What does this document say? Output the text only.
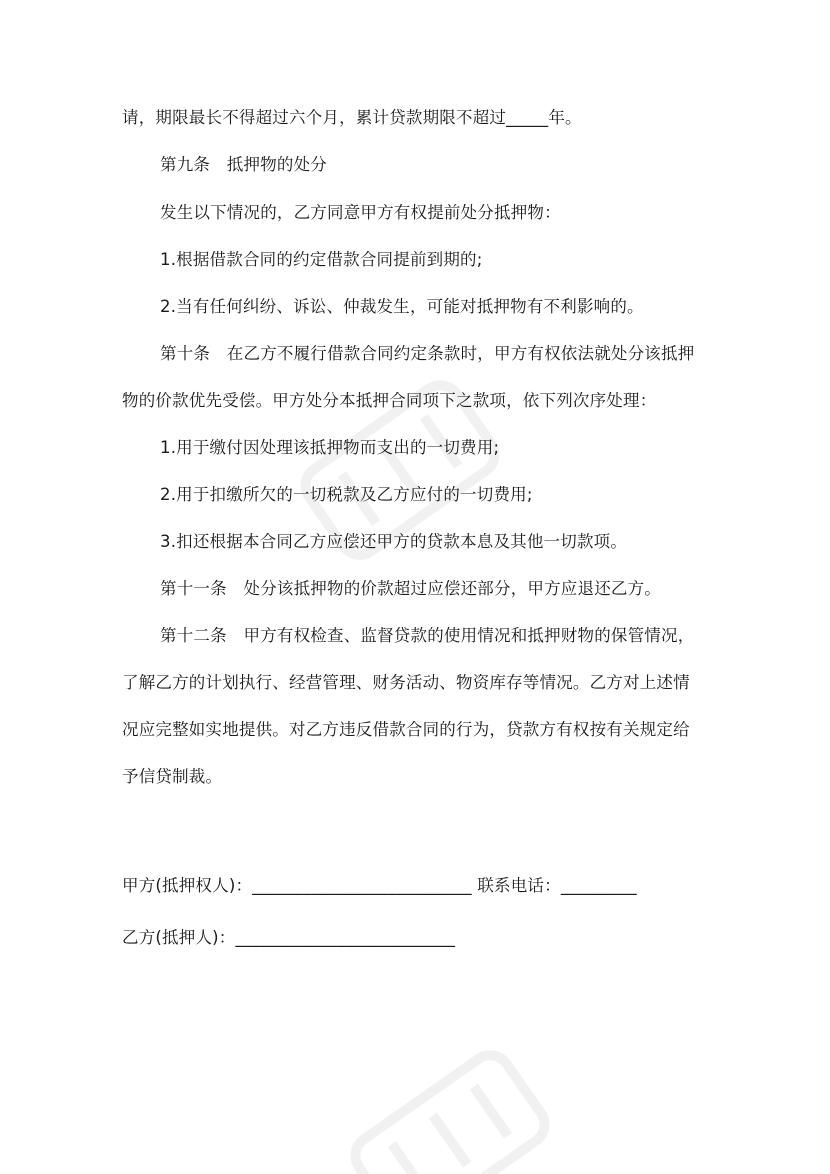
请，期限最长不得超过六个月，累计贷款期限不超过_____年。
第九条　抵押物的处分
发生以下情况的，乙方同意甲方有权提前处分抵押物：
1.根据借款合同的约定借款合同提前到期的;
2.当有任何纠纷、诉讼、仲裁发生，可能对抵押物有不利影响的。
第十条　在乙方不履行借款合同约定条款时，甲方有权依法就处分该抵押
物的价款优先受偿。甲方处分本抵押合同项下之款项，依下列次序处理：
1.用于缴付因处理该抵押物而支出的一切费用;
2.用于扣缴所欠的一切税款及乙方应付的一切费用;
3.扣还根据本合同乙方应偿还甲方的贷款本息及其他一切款项。
第十一条　处分该抵押物的价款超过应偿还部分，甲方应退还乙方。
第十二条　甲方有权检查、监督贷款的使用情况和抵押财物的保管情况，
了解乙方的计划执行、经营管理、财务活动、物资库存等情况。乙方对上述情
况应完整如实地提供。对乙方违反借款合同的行为，贷款方有权按有关规定给
予信贷制裁。
甲方(抵押权人)：__________________________ 联系电话：_________
乙方(抵押人)：__________________________
